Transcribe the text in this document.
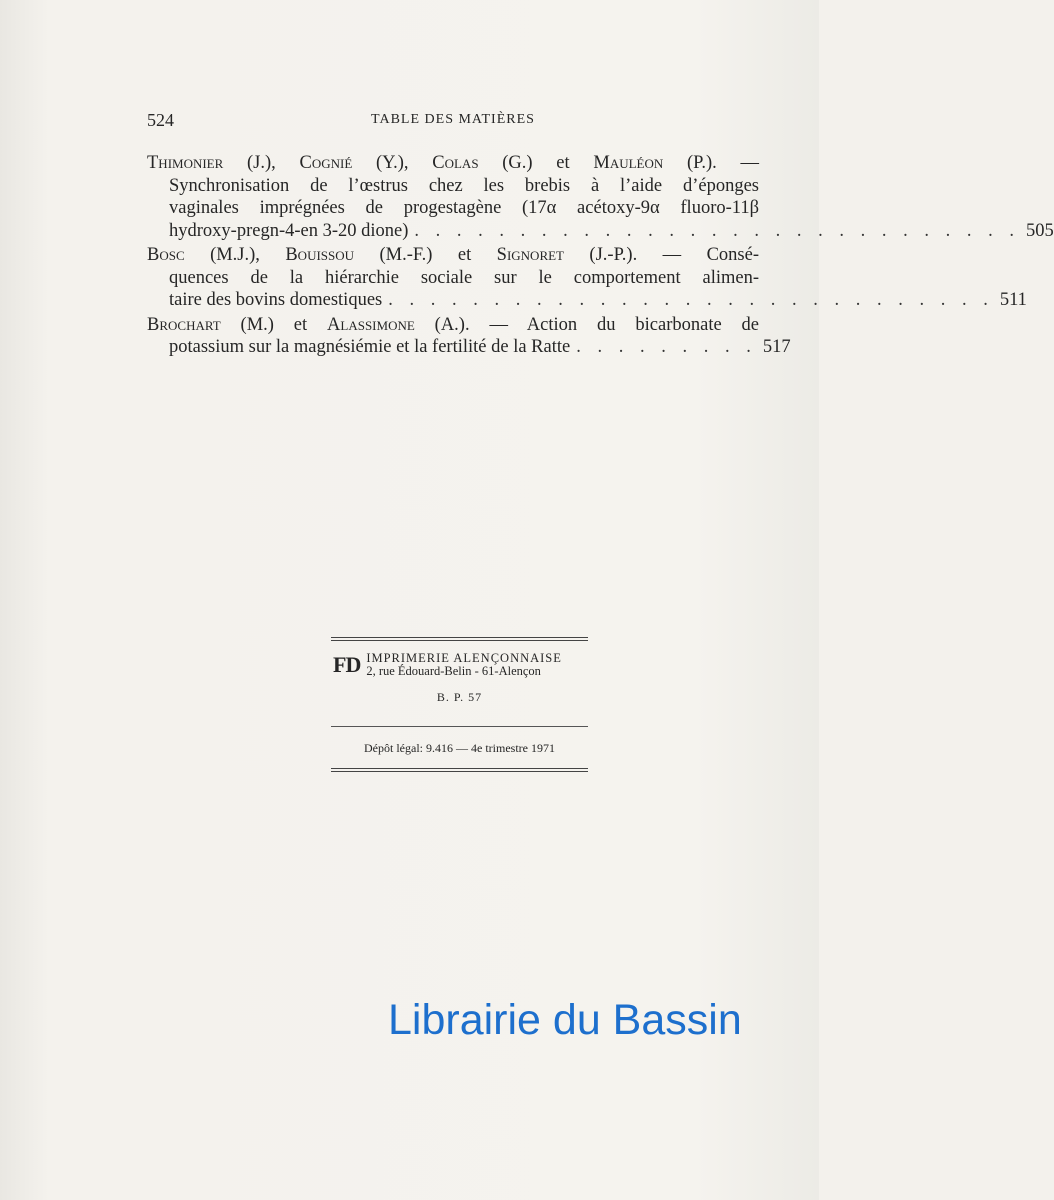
524	TABLE DES MATIÈRES
Thimonier (J.), Cognié (Y.), Colas (G.) et Mauléon (P.). —
Synchronisation de l’œstrus chez les brebis à l’aide d’éponges
vaginales imprégnées de progestagène (17α acétoxy-9α fluoro-11β
hydroxy-pregn-4-en 3-20 dione) . . . . . . . . . . . . . . . . . . . . . . . . . . . . . 505
Bosc (M.J.), Bouissou (M.-F.) et Signoret (J.-P.). — Consé-
quences de la hiérarchie sociale sur le comportement alimen-
taire des bovins domestiques . . . . . . . . . . . . . . . . . . . . . . . . . . . . . 511
Brochart (M.) et Alassimone (A.). — Action du bicarbonate de
potassium sur la magnésiémie et la fertilité de la Ratte . . . . . . . . . 517
FD IMPRIMERIE ALENÇONNAISE
2, rue Édouard-Belin - 61-Alençon
B. P. 57
Dépôt légal: 9.416 — 4e trimestre 1971
Librairie du Bassin
